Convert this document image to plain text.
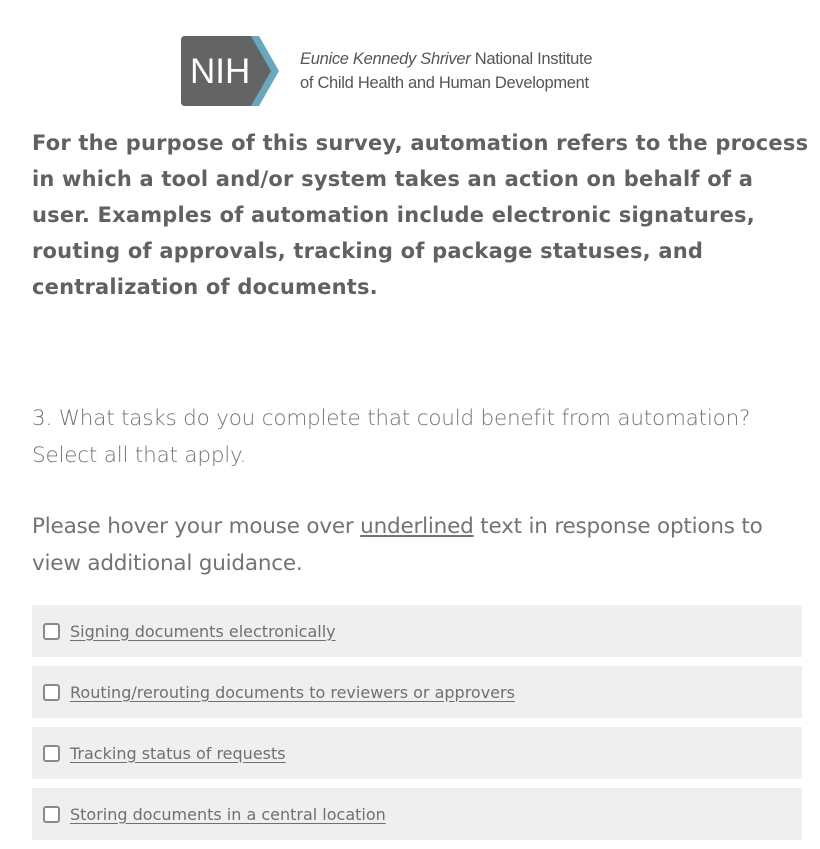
NIH	Eunice Kennedy Shriver National Institute
of Child Health and Human Development
For the purpose of this survey, automation refers to the process in which a tool and/or system takes an action on behalf of a user. Examples of automation include electronic signatures, routing of approvals, tracking of package statuses, and centralization of documents.
3. What tasks do you complete that could benefit from automation? Select all that apply.
Please hover your mouse over underlined text in response options to view additional guidance.
Signing documents electronically
Routing/rerouting documents to reviewers or approvers
Tracking status of requests
Storing documents in a central location
